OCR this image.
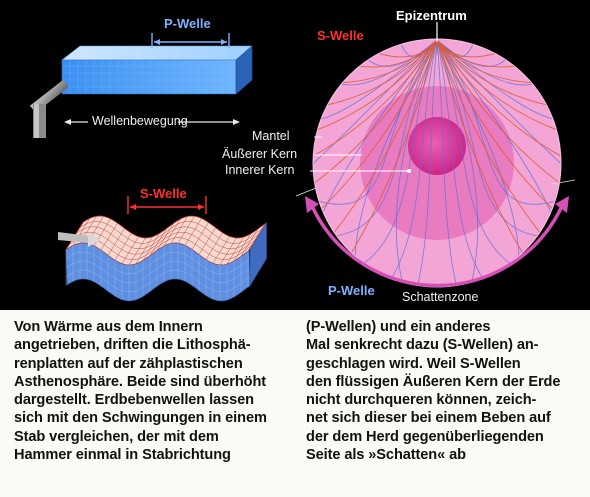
P-Welle
Wellenbewegung
S-Welle
Epizentrum
S-Welle
Mantel
Äußerer Kern
Innerer Kern
P-Welle Schattenzone
Von Wärme aus dem Innern
angetrieben, driften die Lithosphä-
renplatten auf der zähplastischen
Asthenosphäre. Beide sind überhöht
dargestellt. Erdbebenwellen lassen
sich mit den Schwingungen in einem
Stab vergleichen, der mit dem
Hammer einmal in Stabrichtung
(P-Wellen) und ein anderes
Mal senkrecht dazu (S-Wellen) an-
geschlagen wird. Weil S-Wellen
den flüssigen Äußeren Kern der Erde
nicht durchqueren können, zeich-
net sich dieser bei einem Beben auf
der dem Herd gegenüberliegenden
Seite als »Schatten« ab
